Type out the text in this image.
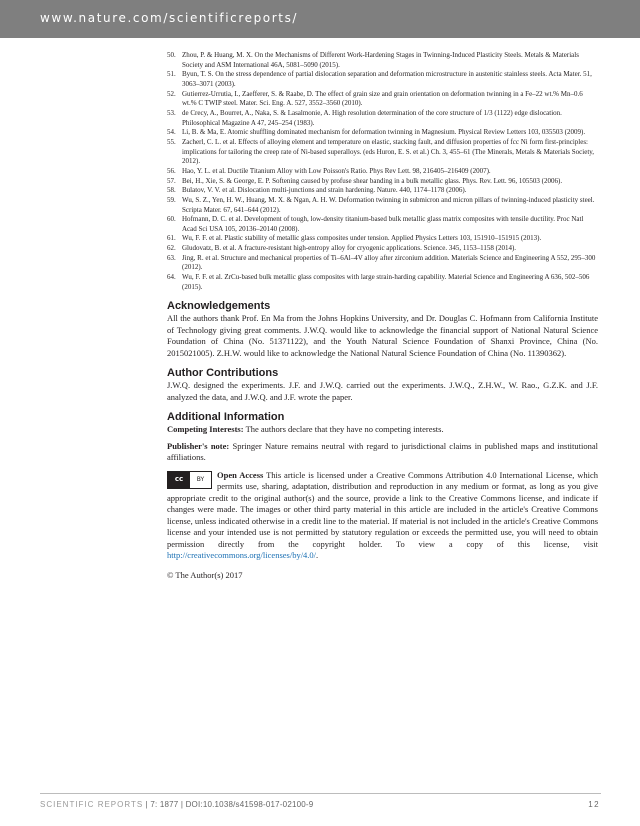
www.nature.com/scientificreports/
50. Zhou, P. & Huang, M. X. On the Mechanisms of Different Work-Hardening Stages in Twinning-Induced Plasticity Steels. Metals & Materials Society and ASM International 46A, 5081–5090 (2015).
51. Byun, T. S. On the stress dependence of partial dislocation separation and deformation microstructure in austenitic stainless steels. Acta Mater. 51, 3063–3071 (2003).
52. Gutierrez-Urrutia, I., Zaefferer, S. & Raabe, D. The effect of grain size and grain orientation on deformation twinning in a Fe–22 wt.% Mn–0.6 wt.% C TWIP steel. Mater. Sci. Eng. A. 527, 3552–3560 (2010).
53. de Crecy, A., Bourret, A., Naka, S. & Lasalmonie, A. High resolution determination of the core structure of 1/3 (1122) edge dislocation. Philosophical Magazine A 47, 245–254 (1983).
54. Li, B. & Ma, E. Atomic shuffling dominated mechanism for deformation twinning in Magnesium. Physical Review Letters 103, 035503 (2009).
55. Zacherl, C. L. et al. Effects of alloying element and temperature on elastic, stacking fault, and diffusion properties of fcc Ni form first-principles: implications for tailoring the creep rate of Ni-based superalloys. (eds Huron, E. S. et al.) Ch. 3, 455–61 (The Minerals, Metals & Materials Society, 2012).
56. Hao, Y. L. et al. Ductile Titanium Alloy with Low Poisson's Ratio. Phys Rev Lett. 98, 216405–216409 (2007).
57. Bei, H., Xie, S. & George, E. P. Softening caused by profuse shear banding in a bulk metallic glass. Phys. Rev. Lett. 96, 105503 (2006).
58. Bulatov, V. V. et al. Dislocation multi-junctions and strain hardening. Nature. 440, 1174–1178 (2006).
59. Wu, S. Z., Yen, H. W., Huang, M. X. & Ngan, A. H. W. Deformation twinning in submicron and micron pillars of twinning-induced plasticity steel. Scripta Mater. 67, 641–644 (2012).
60. Hofmann, D. C. et al. Development of tough, low-density titanium-based bulk metallic glass matrix composites with tensile ductility. Proc Natl Acad Sci USA 105, 20136–20140 (2008).
61. Wu, F. F. et al. Plastic stability of metallic glass composites under tension. Applied Physics Letters 103, 151910–151915 (2013).
62. Gludovatz, B. et al. A fracture-resistant high-entropy alloy for cryogenic applications. Science. 345, 1153–1158 (2014).
63. Jing, R. et al. Structure and mechanical properties of Ti–6Al–4V alloy after zirconium addition. Materials Science and Engineering A 552, 295–300 (2012).
64. Wu, F. F. et al. ZrCu-based bulk metallic glass composites with large strain-harding capability. Material Science and Engineering A 636, 502–506 (2015).
Acknowledgements

All the authors thank Prof. En Ma from the Johns Hopkins University, and Dr. Douglas C. Hofmann from California Institute of Technology giving great comments. J.W.Q. would like to acknowledge the financial support of National Natural Science Foundation of China (No. 51371122), and the Youth Natural Science Foundation of Shanxi Province, China (No. 2015021005). Z.H.W. would like to acknowledge the National Natural Science Foundation of China (No. 11390362).

Author Contributions

J.W.Q. designed the experiments. J.F. and J.W.Q. carried out the experiments. J.W.Q., Z.H.W., W. Rao., G.Z.K. and J.F. analyzed the data, and J.W.Q. and J.F. wrote the paper.

Additional Information

Competing Interests: The authors declare that they have no competing interests.

Publisher's note: Springer Nature remains neutral with regard to jurisdictional claims in published maps and institutional affiliations.

cc	BY	Open Access This article is licensed under a Creative Commons Attribution 4.0 International License, which permits use, sharing, adaptation, distribution and reproduction in any medium or format, as long as you give appropriate credit to the original author(s) and the source, provide a link to the Creative Commons license, and indicate if changes were made. The images or other third party material in this article are included in the article's Creative Commons license, unless indicated otherwise in a credit line to the material. If material is not included in the article's Creative Commons license and your intended use is not permitted by statutory regulation or exceeds the permitted use, you will need to obtain permission directly from the copyright holder. To view a copy of this license, visit http://creativecommons.org/licenses/by/4.0/.

© The Author(s) 2017

SCIENTIFIC REPORTS | 7: 1877 | DOI:10.1038/s41598-017-02100-9	12
